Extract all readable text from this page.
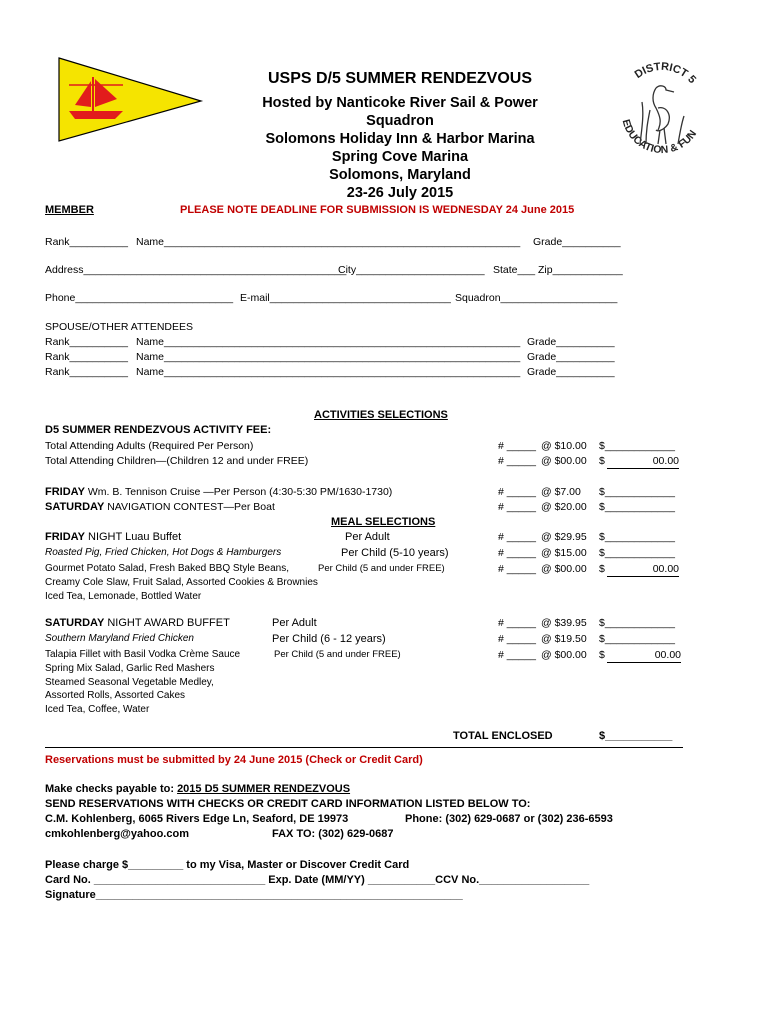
DISTRICT 5
EDUCATION & FUN
USPS D/5 SUMMER RENDEZVOUS
Hosted by Nanticoke River Sail & Power
Squadron
Solomons Holiday Inn & Harbor Marina
Spring Cove Marina
Solomons, Maryland
23-26 July 2015
MEMBER	PLEASE NOTE DEADLINE FOR SUBMISSION IS WEDNESDAY 24 June 2015
Rank__________ Name_____________________________________________________________ Grade__________
Address_____________________________________________
City______________________ State___ Zip____________
Phone___________________________ E-mail_______________________________ Squadron____________________
SPOUSE/OTHER ATTENDEES
Rank__________ Name_____________________________________________________________ Grade__________
Rank__________ Name_____________________________________________________________ Grade__________
Rank__________ Name_____________________________________________________________ Grade__________
ACTIVITIES SELECTIONS
D5 SUMMER RENDEZVOUS ACTIVITY FEE:
Total Attending Adults (Required Per Person)	# _____ @ $10.00 $____________
Total Attending Children—(Children 12 and under FREE)	# _____ @ $00.00 $	00.00
FRIDAY Wm. B. Tennison Cruise —Per Person (4:30-5:30 PM/1630-1730)	# _____ @ $7.00 $____________
SATURDAY NAVIGATION CONTEST—Per Boat	# _____ @ $20.00 $____________
MEAL SELECTIONS
FRIDAY NIGHT Luau Buffet
Roasted Pig, Fried Chicken, Hot Dogs & Hamburgers
Gourmet Potato Salad, Fresh Baked BBQ Style Beans,
Creamy Cole Slaw, Fruit Salad, Assorted Cookies & Brownies
Iced Tea, Lemonade, Bottled Water
Per Adult	# _____ @ $29.95 $____________
Per Child (5-10 years)	# _____ @ $15.00 $____________
Per Child (5 and under FREE)	# _____ @ $00.00 $	00.00
SATURDAY NIGHT AWARD BUFFET
Southern Maryland Fried Chicken
Talapia Fillet with Basil Vodka Crème Sauce
Spring Mix Salad, Garlic Red Mashers
Steamed Seasonal Vegetable Medley,
Assorted Rolls, Assorted Cakes
Iced Tea, Coffee, Water
Per Adult	# _____ @ $39.95 $____________
Per Child (6 - 12 years)	# _____ @ $19.50 $____________
Per Child (5 and under FREE)	# _____ @ $00.00 $	00.00
TOTAL ENCLOSED	$___________
Reservations must be submitted by 24 June 2015 (Check or Credit Card)
Make checks payable to: 2015 D5 SUMMER RENDEZVOUS
SEND RESERVATIONS WITH CHECKS OR CREDIT CARD INFORMATION LISTED BELOW TO:
C.M. Kohlenberg, 6065 Rivers Edge Ln, Seaford, DE 19973	Phone: (302) 629-0687 or (302) 236-6593
cmkohlenberg@yahoo.com	FAX TO: (302) 629-0687
Please charge $_________ to my Visa, Master or Discover Credit Card
Card No. ____________________________ Exp. Date (MM/YY) ___________CCV No.__________________
Signature____________________________________________________________
